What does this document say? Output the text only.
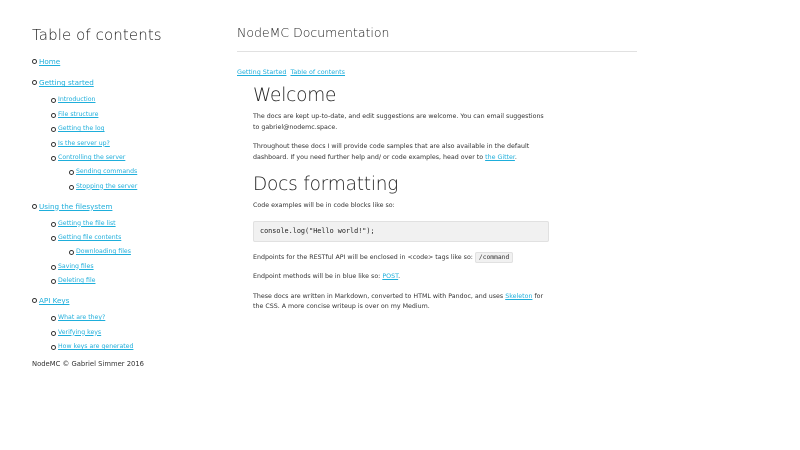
Table of contents
Home
Getting started
Introduction
File structure
Getting the log
Is the server up?
Controlling the server
Sending commands
Stopping the server
Using the filesystem
Getting the file list
Getting file contents
Downloading files
Saving files
Deleting file
API Keys
What are they?
Verifying keys
How keys are generated
NodeMC © Gabriel Simmer 2016
NodeMC Documentation
Getting Started Table of contents
Welcome

The docs are kept up-to-date, and edit suggestions are welcome. You can email suggestions to gabriel@nodemc.space.

Throughout these docs I will provide code samples that are also available in the default dashboard. If you need further help and/ or code examples, head over to the Gitter.

Docs formatting

Code examples will be in code blocks like so:

console.log("Hello world!");

Endpoints for the RESTful API will be enclosed in <code> tags like so: /command

Endpoint methods will be in blue like so: POST.

These docs are written in Markdown, converted to HTML with Pandoc, and uses Skeleton for the CSS. A more concise writeup is over on my Medium.
